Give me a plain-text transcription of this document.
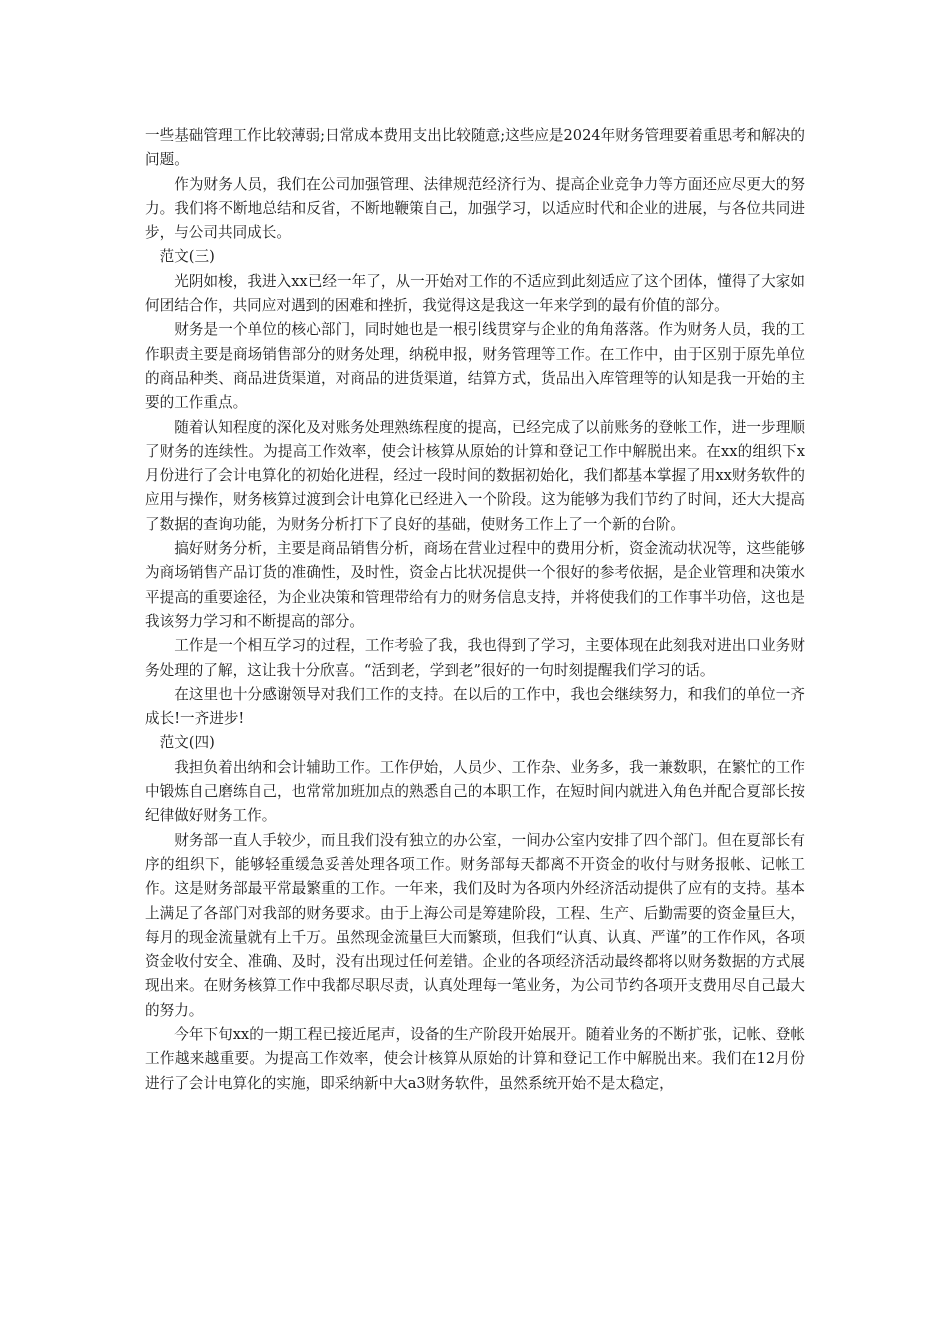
一些基础管理工作比较薄弱;日常成本费用支出比较随意;这些应是2024年财务管理要着重思考和解决的问题。

作为财务人员，我们在公司加强管理、法律规范经济行为、提高企业竞争力等方面还应尽更大的努力。我们将不断地总结和反省，不断地鞭策自己，加强学习，以适应时代和企业的进展，与各位共同进步，与公司共同成长。

范文(三)

光阴如梭，我进入xx已经一年了，从一开始对工作的不适应到此刻适应了这个团体，懂得了大家如何团结合作，共同应对遇到的困难和挫折，我觉得这是我这一年来学到的最有价值的部分。

财务是一个单位的核心部门，同时她也是一根引线贯穿与企业的角角落落。作为财务人员，我的工作职责主要是商场销售部分的财务处理，纳税申报，财务管理等工作。在工作中，由于区别于原先单位的商品种类、商品进货渠道，对商品的进货渠道，结算方式，货品出入库管理等的认知是我一开始的主要的工作重点。

随着认知程度的深化及对账务处理熟练程度的提高，已经完成了以前账务的登帐工作，进一步理顺了财务的连续性。为提高工作效率，使会计核算从原始的计算和登记工作中解脱出来。在xx的组织下x月份进行了会计电算化的初始化进程，经过一段时间的数据初始化，我们都基本掌握了用xx财务软件的应用与操作，财务核算过渡到会计电算化已经进入一个阶段。这为能够为我们节约了时间，还大大提高了数据的查询功能，为财务分析打下了良好的基础，使财务工作上了一个新的台阶。

搞好财务分析，主要是商品销售分析，商场在营业过程中的费用分析，资金流动状况等，这些能够为商场销售产品订货的准确性，及时性，资金占比状况提供一个很好的参考依据，是企业管理和决策水平提高的重要途径，为企业决策和管理带给有力的财务信息支持，并将使我们的工作事半功倍，这也是我该努力学习和不断提高的部分。

工作是一个相互学习的过程，工作考验了我，我也得到了学习，主要体现在此刻我对进出口业务财务处理的了解，这让我十分欣喜。“活到老，学到老”很好的一句时刻提醒我们学习的话。

在这里也十分感谢领导对我们工作的支持。在以后的工作中，我也会继续努力，和我们的单位一齐成长!一齐进步!

范文(四)

我担负着出纳和会计辅助工作。工作伊始，人员少、工作杂、业务多，我一兼数职，在繁忙的工作中锻炼自己磨练自己，也常常加班加点的熟悉自己的本职工作，在短时间内就进入角色并配合夏部长按纪律做好财务工作。

财务部一直人手较少，而且我们没有独立的办公室，一间办公室内安排了四个部门。但在夏部长有序的组织下，能够轻重缓急妥善处理各项工作。财务部每天都离不开资金的收付与财务报帐、记帐工作。这是财务部最平常最繁重的工作。一年来，我们及时为各项内外经济活动提供了应有的支持。基本上满足了各部门对我部的财务要求。由于上海公司是筹建阶段，工程、生产、后勤需要的资金量巨大，每月的现金流量就有上千万。虽然现金流量巨大而繁琐，但我们“认真、认真、严谨”的工作作风，各项资金收付安全、准确、及时，没有出现过任何差错。企业的各项经济活动最终都将以财务数据的方式展现出来。在财务核算工作中我都尽职尽责，认真处理每一笔业务，为公司节约各项开支费用尽自己最大的努力。

今年下旬xx的一期工程已接近尾声，设备的生产阶段开始展开。随着业务的不断扩张，记帐、登帐工作越来越重要。为提高工作效率，使会计核算从原始的计算和登记工作中解脱出来。我们在12月份进行了会计电算化的实施，即采纳新中大a3财务软件，虽然系统开始不是太稳定，
